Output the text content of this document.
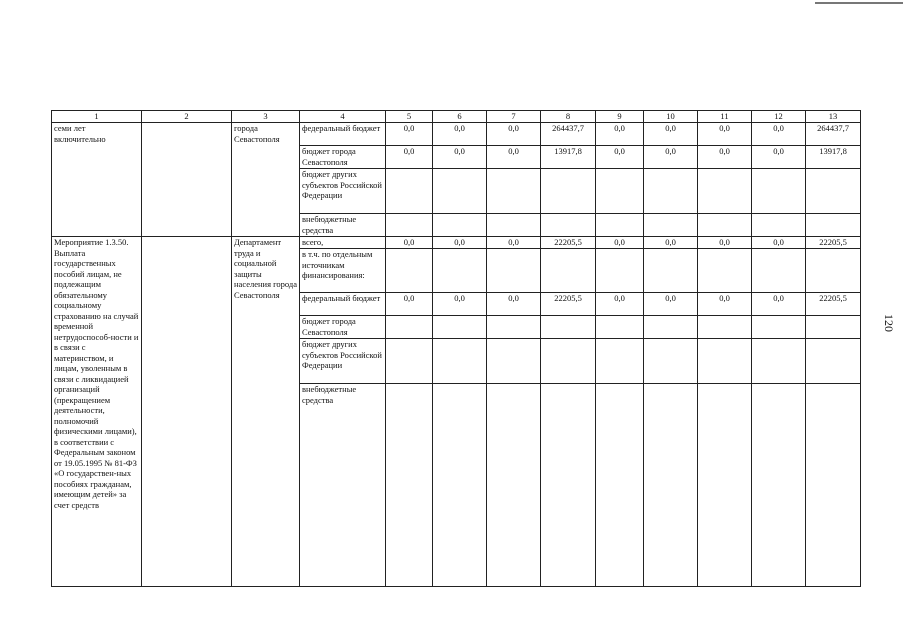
120
1	2	3	4	5	6	7	8	9	10	11	12	13
семи лет включительно		города Севастополя	федеральный бюджет	0,0	0,0	0,0	264437,7	0,0	0,0	0,0	0,0	264437,7
			бюджет города Севастополя	0,0	0,0	0,0	13917,8	0,0	0,0	0,0	0,0	13917,8
			бюджет других субъектов Российской Федерации									
			внебюджетные средства									
Мероприятие 1.3.50. Выплата государственных пособий лицам, не подлежащим обязательному социальному страхованию на случай временной нетрудоспособ-ности и в связи с материнством, и лицам, уволенным в связи с ликвидацией организаций (прекращением деятельности, полномочий физическими лицами), в соответствии с Федеральным законом от 19.05.1995 № 81-ФЗ «О государствен-ных пособиях гражданам, имеющим детей» за счет средств		Департамент труда и социальной защиты населения города Севастополя	всего,	0,0	0,0	0,0	22205,5	0,0	0,0	0,0	0,0	22205,5
			в т.ч. по отдельным источникам финансирования:									
			федеральный бюджет	0,0	0,0	0,0	22205,5	0,0	0,0	0,0	0,0	22205,5
			бюджет города Севастополя									
			бюджет других субъектов Российской Федерации									
			внебюджетные средства									
